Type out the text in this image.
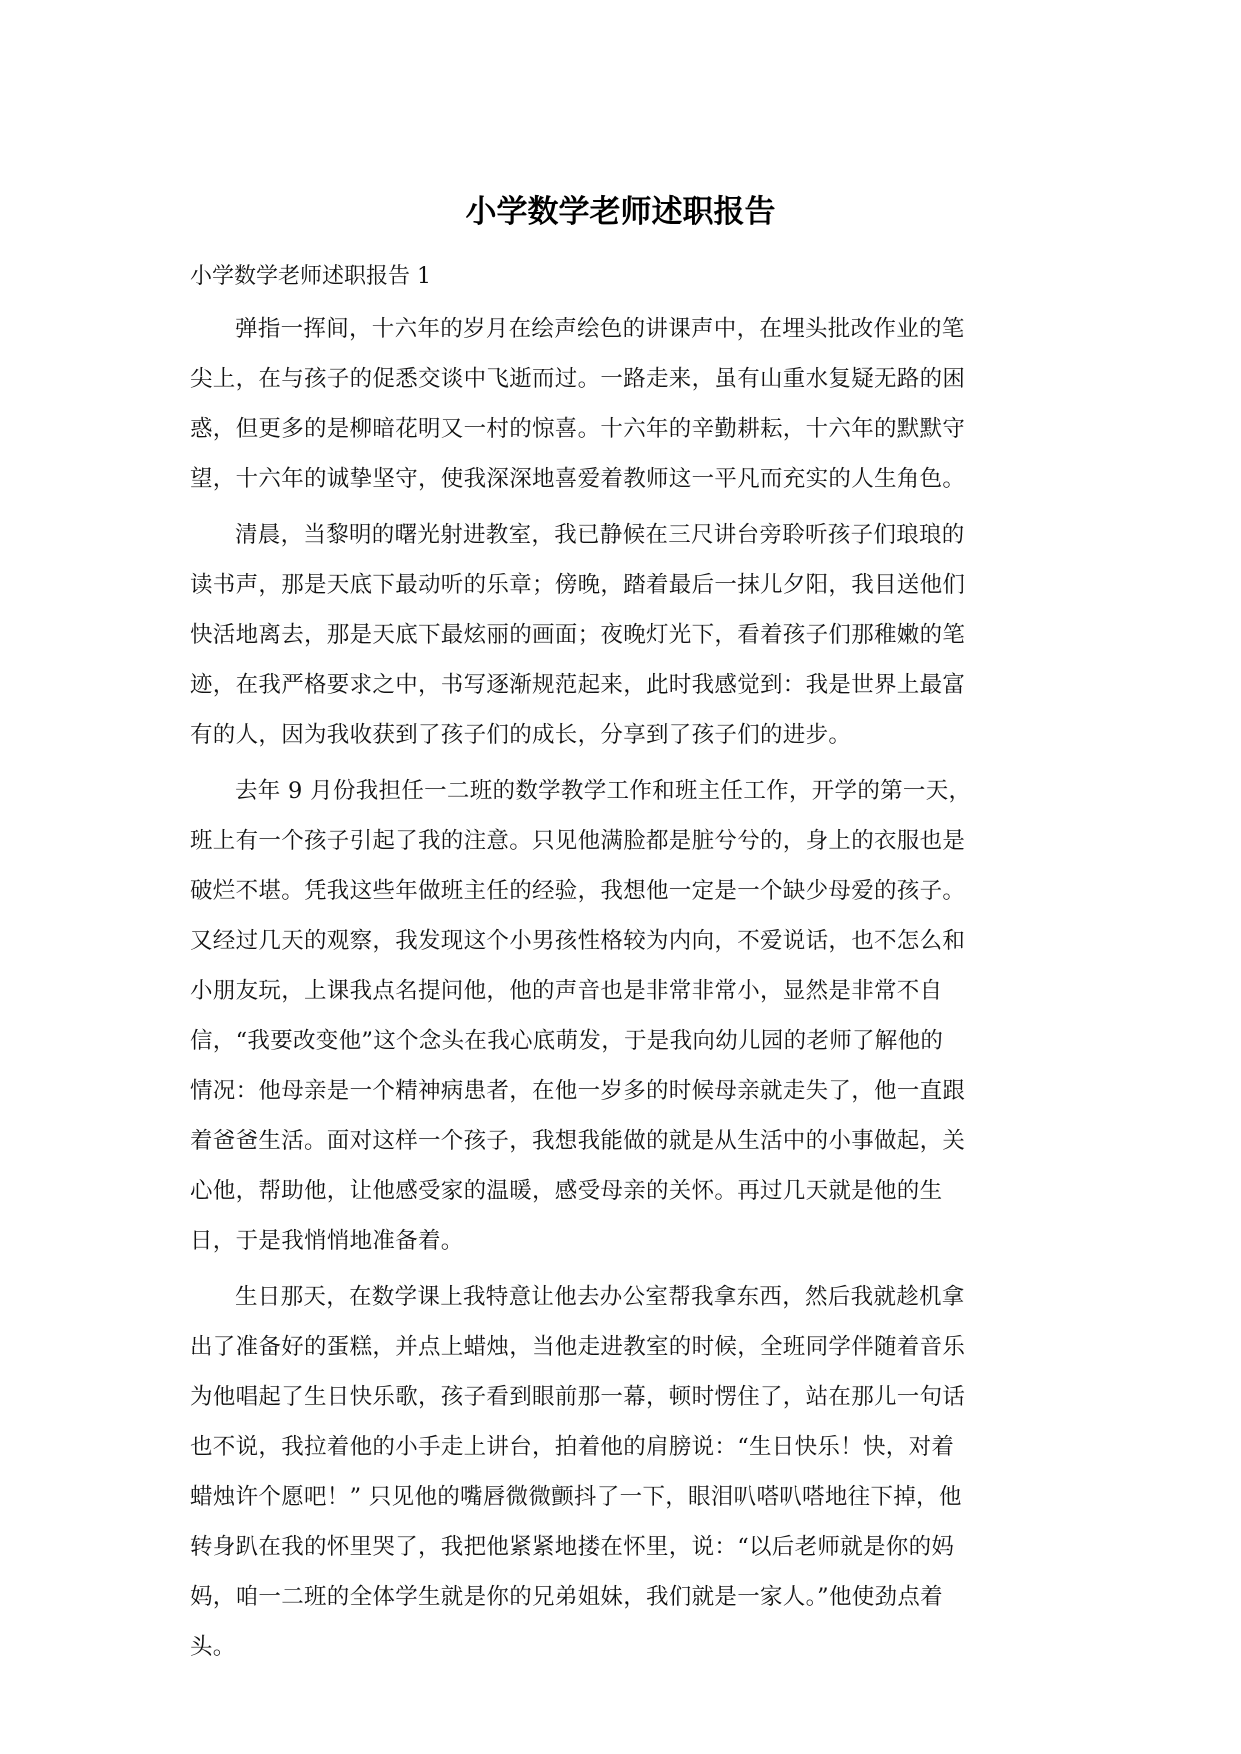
小学数学老师述职报告

小学数学老师述职报告 1

弹指一挥间，十六年的岁月在绘声绘色的讲课声中，在埋头批改作业的笔
尖上，在与孩子的促悉交谈中飞逝而过。一路走来，虽有山重水复疑无路的困
惑，但更多的是柳暗花明又一村的惊喜。十六年的辛勤耕耘，十六年的默默守
望，十六年的诚挚坚守，使我深深地喜爱着教师这一平凡而充实的人生角色。
清晨，当黎明的曙光射进教室，我已静候在三尺讲台旁聆听孩子们琅琅的
读书声，那是天底下最动听的乐章；傍晚，踏着最后一抹儿夕阳，我目送他们
快活地离去，那是天底下最炫丽的画面；夜晚灯光下，看着孩子们那稚嫩的笔
迹，在我严格要求之中，书写逐渐规范起来，此时我感觉到：我是世界上最富
有的人，因为我收获到了孩子们的成长，分享到了孩子们的进步。
去年 9 月份我担任一二班的数学教学工作和班主任工作，开学的第一天，
班上有一个孩子引起了我的注意。只见他满脸都是脏兮兮的，身上的衣服也是
破烂不堪。凭我这些年做班主任的经验，我想他一定是一个缺少母爱的孩子。
又经过几天的观察，我发现这个小男孩性格较为内向，不爱说话，也不怎么和
小朋友玩，上课我点名提问他，他的声音也是非常非常小，显然是非常不自
信，“我要改变他”这个念头在我心底萌发，于是我向幼儿园的老师了解他的
情况：他母亲是一个精神病患者，在他一岁多的时候母亲就走失了，他一直跟
着爸爸生活。面对这样一个孩子，我想我能做的就是从生活中的小事做起，关
心他，帮助他，让他感受家的温暖，感受母亲的关怀。再过几天就是他的生
日，于是我悄悄地准备着。
生日那天，在数学课上我特意让他去办公室帮我拿东西，然后我就趁机拿
出了准备好的蛋糕，并点上蜡烛，当他走进教室的时候，全班同学伴随着音乐
为他唱起了生日快乐歌，孩子看到眼前那一幕，顿时愣住了，站在那儿一句话
也不说，我拉着他的小手走上讲台，拍着他的肩膀说：“生日快乐！快，对着
蜡烛许个愿吧！” 只见他的嘴唇微微颤抖了一下，眼泪叭嗒叭嗒地往下掉，他
转身趴在我的怀里哭了，我把他紧紧地搂在怀里，说：“以后老师就是你的妈
妈，咱一二班的全体学生就是你的兄弟姐妹，我们就是一家人。”他使劲点着
头。
